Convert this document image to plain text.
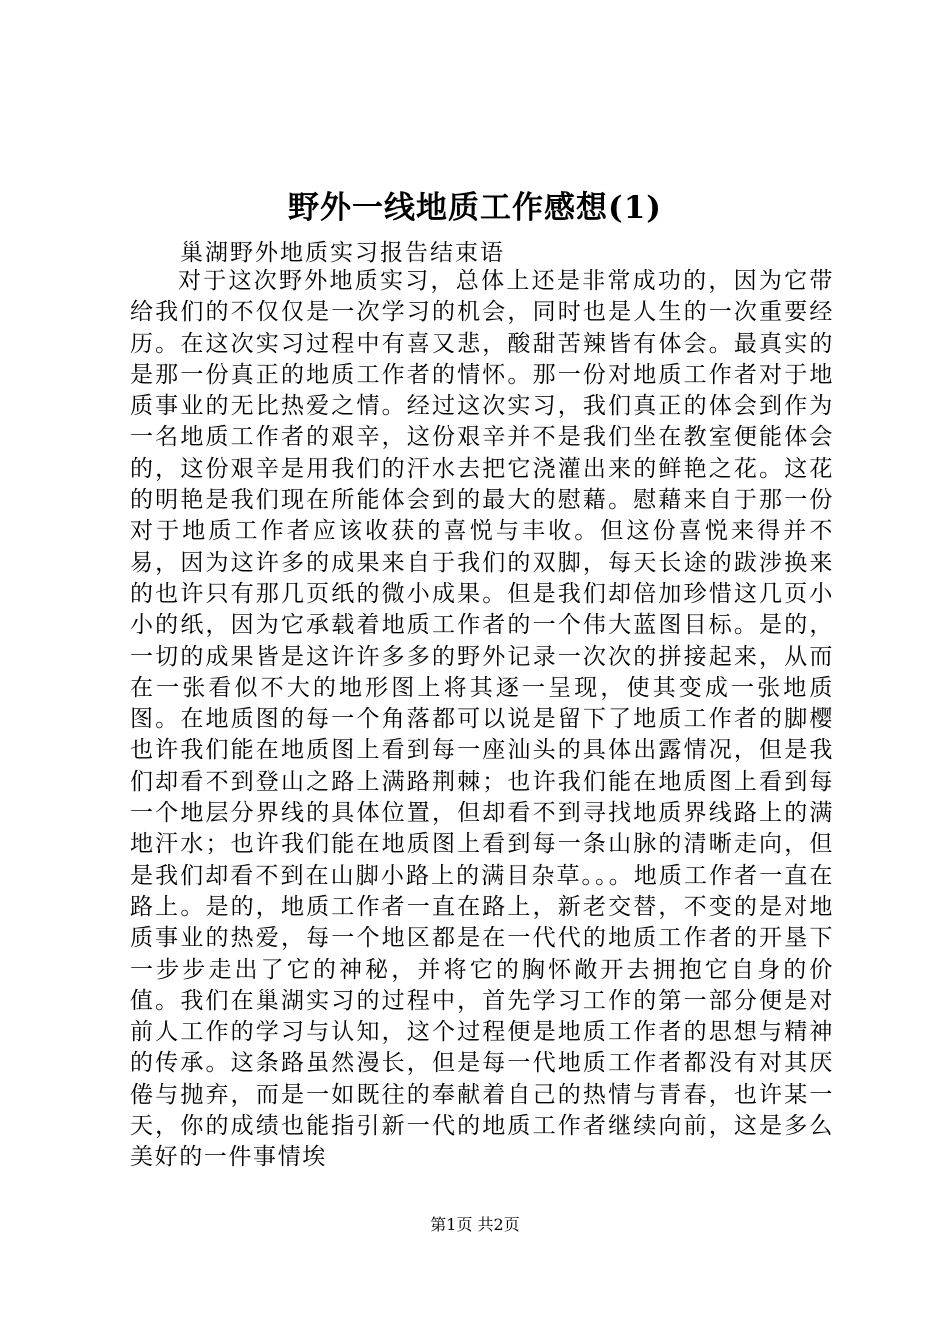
野外一线地质工作感想(1)
巢湖野外地质实习报告结束语

对于这次野外地质实习，总体上还是非常成功的，因为它带给我们的不仅仅是一次学习的机会，同时也是人生的一次重要经历。在这次实习过程中有喜又悲，酸甜苦辣皆有体会。最真实的是那一份真正的地质工作者的情怀。那一份对地质工作者对于地质事业的无比热爱之情。经过这次实习，我们真正的体会到作为一名地质工作者的艰辛，这份艰辛并不是我们坐在教室便能体会的，这份艰辛是用我们的汗水去把它浇灌出来的鲜艳之花。这花的明艳是我们现在所能体会到的最大的慰藉。慰藉来自于那一份对于地质工作者应该收获的喜悦与丰收。但这份喜悦来得并不易，因为这许多的成果来自于我们的双脚，每天长途的跋涉换来的也许只有那几页纸的微小成果。但是我们却倍加珍惜这几页小小的纸，因为它承载着地质工作者的一个伟大蓝图目标。是的，一切的成果皆是这许许多多的野外记录一次次的拼接起来，从而在一张看似不大的地形图上将其逐一呈现，使其变成一张地质图。在地质图的每一个角落都可以说是留下了地质工作者的脚樱也许我们能在地质图上看到每一座汕头的具体出露情况，但是我们却看不到登山之路上满路荆棘；也许我们能在地质图上看到每一个地层分界线的具体位置，但却看不到寻找地质界线路上的满地汗水；也许我们能在地质图上看到每一条山脉的清晰走向，但是我们却看不到在山脚小路上的满目杂草。。。地质工作者一直在路上。是的，地质工作者一直在路上，新老交替，不变的是对地质事业的热爱，每一个地区都是在一代代的地质工作者的开垦下一步步走出了它的神秘，并将它的胸怀敞开去拥抱它自身的价值。我们在巢湖实习的过程中，首先学习工作的第一部分便是对前人工作的学习与认知，这个过程便是地质工作者的思想与精神的传承。这条路虽然漫长，但是每一代地质工作者都没有对其厌倦与抛弃，而是一如既往的奉献着自己的热情与青春，也许某一天，你的成绩也能指引新一代的地质工作者继续向前，这是多么美好的一件事情埃

第1页 共2页
